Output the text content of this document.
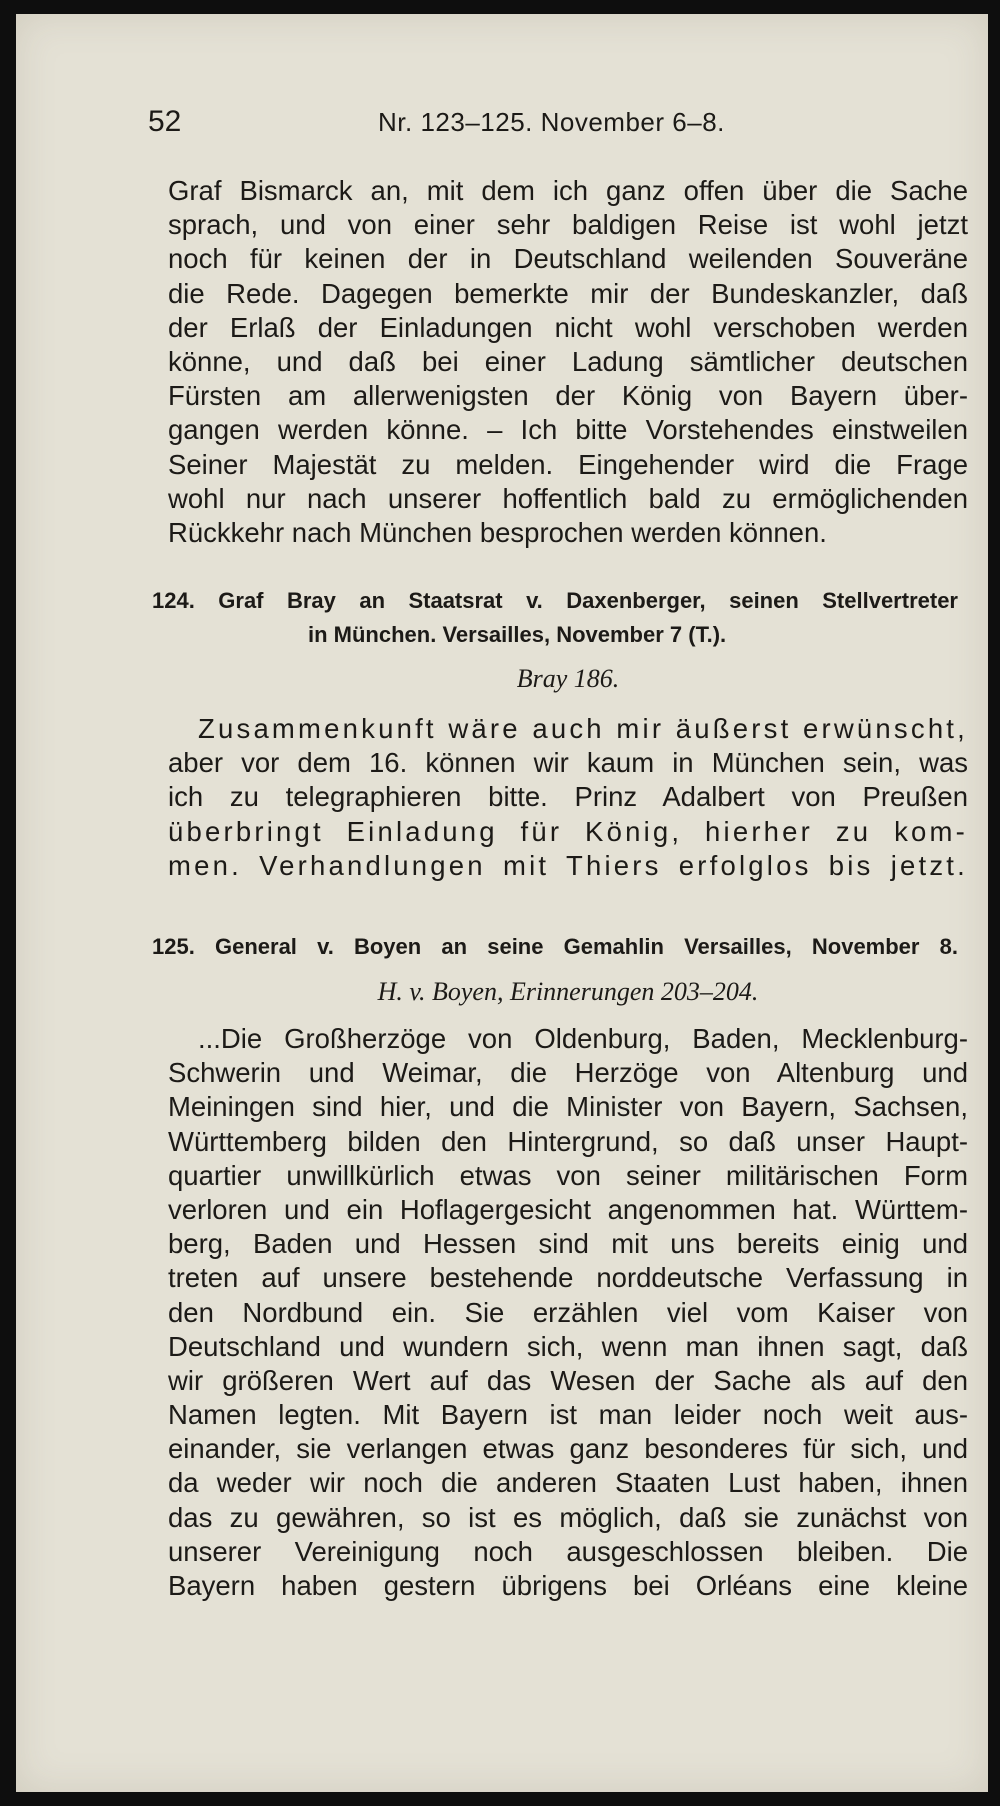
52	Nr. 123–125. November 6–8.

Graf Bismarck an, mit dem ich ganz offen über die Sache

sprach, und von einer sehr baldigen Reise ist wohl jetzt

noch für keinen der in Deutschland weilenden Souveräne

die Rede. Dagegen bemerkte mir der Bundeskanzler, daß

der Erlaß der Einladungen nicht wohl verschoben werden

könne, und daß bei einer Ladung sämtlicher deutschen

Fürsten am allerwenigsten der König von Bayern über-

gangen werden könne. – Ich bitte Vorstehendes einstweilen

Seiner Majestät zu melden. Eingehender wird die Frage

wohl nur nach unserer hoffentlich bald zu ermöglichenden

Rückkehr nach München besprochen werden können.

124. Graf Bray an Staatsrat v. Daxenberger, seinen Stellvertreter

in München. Versailles, November 7 (T.).

Bray 186.

Zusammenkunft wäre auch mir äußerst erwünscht,

aber vor dem 16. können wir kaum in München sein, was

ich zu telegraphieren bitte. Prinz Adalbert von Preußen

überbringt Einladung für König, hierher zu kom-

men. Verhandlungen mit Thiers erfolglos bis jetzt.

125. General v. Boyen an seine Gemahlin Versailles, November 8.

H. v. Boyen, Erinnerungen 203–204.

...Die Großherzöge von Oldenburg, Baden, Mecklenburg-

Schwerin und Weimar, die Herzöge von Altenburg und

Meiningen sind hier, und die Minister von Bayern, Sachsen,

Württemberg bilden den Hintergrund, so daß unser Haupt-

quartier unwillkürlich etwas von seiner militärischen Form

verloren und ein Hoflagergesicht angenommen hat. Württem-

berg, Baden und Hessen sind mit uns bereits einig und

treten auf unsere bestehende norddeutsche Verfassung in

den Nordbund ein. Sie erzählen viel vom Kaiser von

Deutschland und wundern sich, wenn man ihnen sagt, daß

wir größeren Wert auf das Wesen der Sache als auf den

Namen legten. Mit Bayern ist man leider noch weit aus-

einander, sie verlangen etwas ganz besonderes für sich, und

da weder wir noch die anderen Staaten Lust haben, ihnen

das zu gewähren, so ist es möglich, daß sie zunächst von

unserer Vereinigung noch ausgeschlossen bleiben. Die

Bayern haben gestern übrigens bei Orléans eine kleine
